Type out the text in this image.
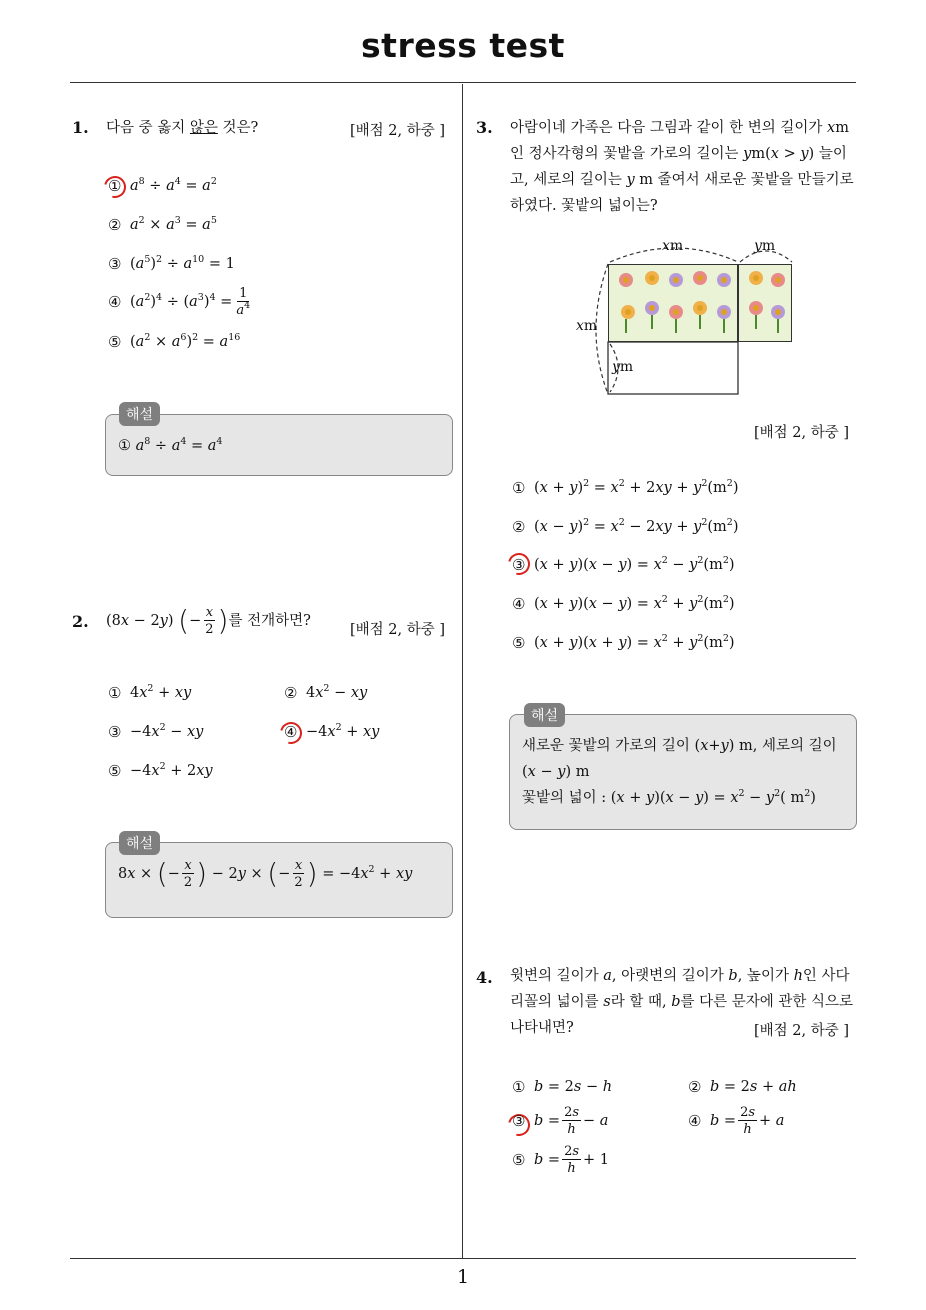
stress test
1
1. 다음 중 옳지 않은 것은?	[배점 2, 하중 ]
① $a^8 \div a^4 = a^2$
② $a^2 \times a^3 = a^5$
③ $(a^5)^2 \div a^{10} = 1$
④ $(a^2)^4 \div (a^3)^4 = \frac{1}{a^4}$
⑤ $(a^2 \times a^6)^2 = a^{16}$
해설
① $a^8 \div a^4 = a^4$
2. (8x − 2y) ( − $\frac{x}{2}$ ) 를 전개하면?
[배점 2, 하중 ]
① $4x^2$ + xy	② $4x^2$ − xy
③ $-4x^2$ − xy	④ $-4x^2$ + xy
⑤ $-4x^2 + 2xy$
해설
8x × ( − $\frac{x}{2}$ ) − 2y × ( − $\frac{x}{2}$ ) = $-4x^2$ + xy
3. 아람이네 가족은 다음 그림과 같이 한 변의 길이가 xm
인 정사각형의 꽃밭을 가로의 길이는 ym(x > y) 늘이
고, 세로의 길이는 y m 줄여서 새로운 꽃밭을 만들기로
하였다. 꽃밭의 넓이는?
xm	ym
xm
ym
[배점 2, 하중 ]
① $(x + y)^2 = x^2 + 2xy + y^2(m^2)$
② $(x - y)^2 = x^2 - 2xy + y^2(m^2)$
③ $(x + y)(x - y) = x^2 - y^2(m^2)$
④ $(x + y)(x - y) = x^2 + y^2(m^2)$
⑤ $(x + y)(x + y) = x^2 + y^2(m^2)$
해설
새로운 꽃밭의 가로의 길이 (x+y) m, 세로의 길이
(x − y) m
꽃밭의 넓이 : $(x + y)(x - y) = x^2 - y^2$( $m^2$)
4. 윗변의 길이가 a, 아랫변의 길이가 b, 높이가 h인 사다
리꼴의 넓이를 s라 할 때, b를 다른 문자에 관한 식으로
나타내면?	[배점 2, 하중 ]
① b = 2s − h	② b = 2s + ah
③ $b = \frac{2s}{h} - a$	④ $b = \frac{2s}{h} + a$
⑤ $b = \frac{2s}{h} + 1$
